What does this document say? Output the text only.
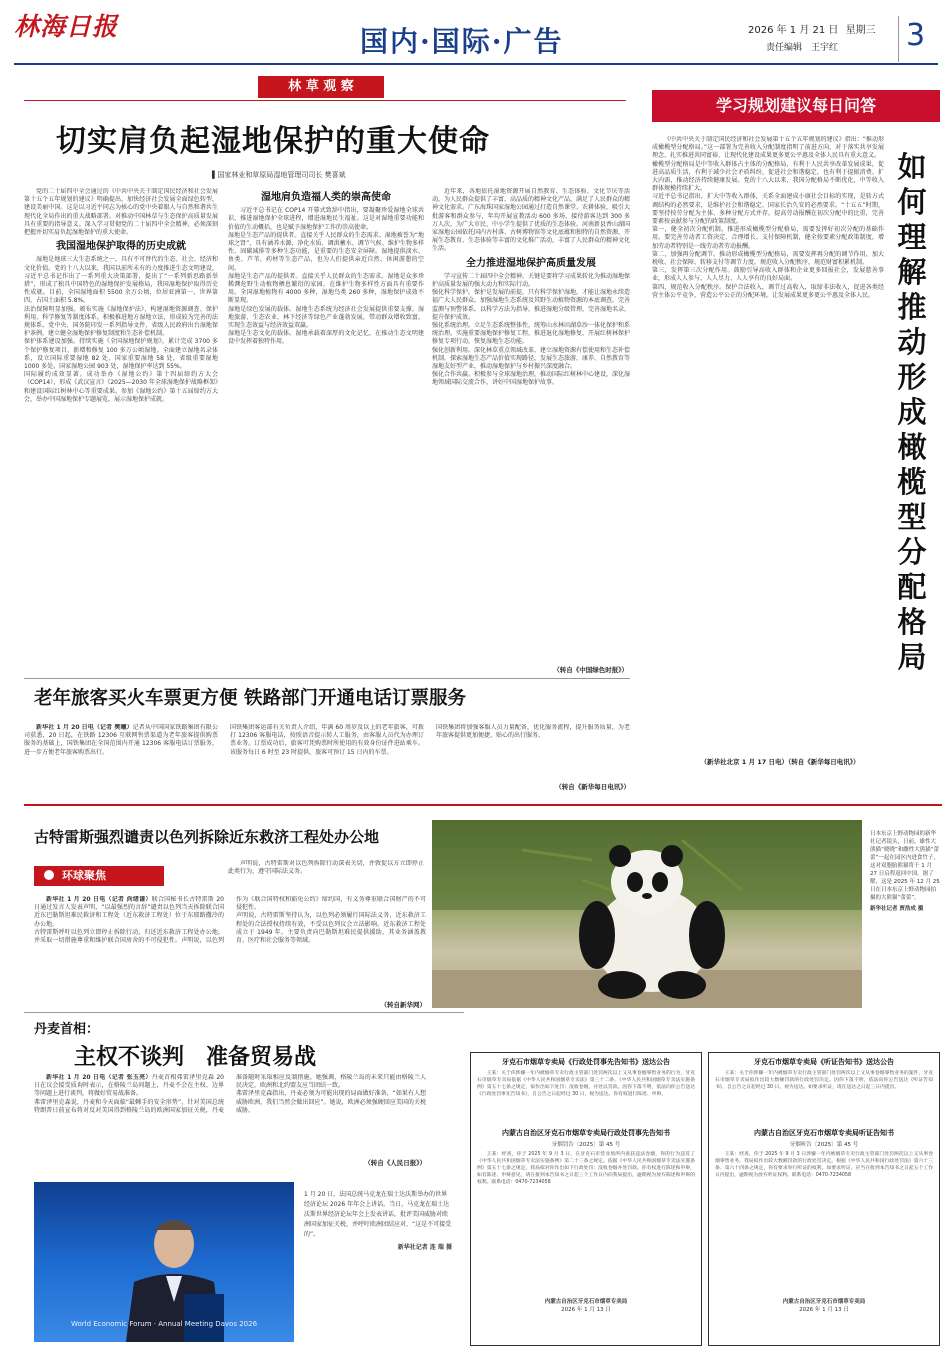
林海日报	国内·国际·广告	2026 年 1 月 21 日 星期三
责任编辑　王宇红 3
林 草 观 察
切实肩负起湿地保护的重大使命
▌国家林业和草原局湿地管理司司长 樊喜斌

党的二十届四中全会通过的《中共中央关于制定国民经济和社会发展第十五个五年规划的建议》明确提出，加快经济社会发展全面绿色转型，建设美丽中国。这是以习近平同志为核心的党中央着眼人与自然和谐共生现代化全局作出的重大战略部署。对推动中国林草与生态保护高质量发展具有重要的指导意义。深入学习贯彻党的二十届四中全会精神，必须深刻把握并切实肩负起湿地保护的重大使命。

我国湿地保护取得的历史成就

湿地是地球三大生态系统之一，具有不可替代的生态、社会、经济和文化价值。党的十八大以来，我国以前所未有的力度推进生态文明建设，习近平总书记作出了一系列重大决策部署，提出了“一系列新思路新举措”，形成了独具中国特色的湿地保护发展格局，我国湿地保护取得历史性成就。目前，全国湿地面积 5500 余万公顷，位居亚洲第一、世界第四，占国土面积 5.8%。
法治保障明显加强。颁布实施《湿地保护法》，构建湿地资源调查、保护利用、科学修复等制度体系。积极推进地方湿地立法，形成较为完善的法规体系。党中央、国务院印发一系列指导文件，省级人民政府出台湿地保护条例，建立健全湿地保护修复制度和生态补偿机制。
保护体系建设加强。持续实施《全国湿地保护规划》，累计完成 3700 多个保护修复项目，新增和修复 100 多万公顷湿地。全面建立湿地名录体系，设立国际重要湿地 82 处、国家重要湿地 58 处，省级重要湿地 1000 多处。国家湿地公园 903 处，湿地保护率达到 55%。
国际履约成效显著。成功举办《湿地公约》第十四届缔约方大会（COP14），形成《武汉宣言》《2025—2030 年全球湿地保护战略框架》和建设国际红树林中心等重要成果。参加《湿地公约》第十五届缔约方大会，举办中国湿地保护专题展览，展示湿地保护成就。

湿地肩负造福人类的崇高使命

习近平总书记在 COP14 开幕式致辞中指出，要凝聚珍爱湿地全球共识，推进湿地保护全球进程，增进湿地民生福祉。这是对湿地重要功能和价值的生动概括，也是赋予湿地保护工作的崇高使命。
湿地是生态产品的提供者。直接关乎人民群众的生态需求。湿地被誉为“地球之肾”，具有涵养水源、净化水质、调洪蓄水、调节气候、维护生物多样性、固碳减排等多种生态功能，是重要的生态安全屏障。湿地提供淡水、鱼类、芦苇、药材等生态产品，也为人们提供亲近自然、休闲游憩的空间。
湿地是生态产品的提供者。直接关乎人民群众的生态需求。湿地是众多珍稀濒危野生动植物栖息繁衍的家园，在维护生物多样性方面具有重要作用。全国湿地植物有 4000 多种，湿地鸟类 260 多种，湿地保护成效不断显现。
湿地是绿色发展的载体。湿地生态系统为经济社会发展提供重要支撑。湿地旅游、生态农业、林下经济等绿色产业蓬勃发展，带动群众增收致富，实现生态效益与经济效益双赢。
湿地是生态文化的载体。湿地承载着深厚的文化记忆，在推动生态文明建设中发挥着独特作用。

近年来，各地依托湿地资源开展自然教育、生态体验、文化节庆等活动，为人民群众提供了丰富、高品质的精神文化产品，满足了人民群众的精神文化需求。广东海珠国家湿地公园通过打造自然课堂、农耕体验，吸引大批游客和群众参与，年均开展宣教活动 600 多场，接待游客达到 300 多万人次，为广大市民、中小学生提供了优质的生态体验。河南新县香山湖国家湿地公园依托国内古村落、古树博物馆等文化底蕴和独特的自然资源，开展生态教育、生态体验等丰富的文化推广活动，丰富了人民群众的精神文化生活。

全力推进湿地保护高质量发展

学习宣传二十届四中全会精神，关键是要将学习成果转化为推动湿地保护高质量发展的强大动力和实际行动。
强化科学保护。保护是发展的前提，只有科学保护湿地，才能让湿地永续造福广大人民群众。加强湿地生态系统及其野生动植物资源的本底调查，完善监测与预警体系。以科学方法为指导，推进湿地分级管理，完善湿地名录，提升保护成效。
强化系统治理。立足生态系统整体性，统筹山水林田湖草沙一体化保护和系统治理。实施重要湿地保护修复工程，推进退化湿地修复，开展红树林保护修复专项行动，恢复湿地生态功能。
强化创新利用。深化林草重点领域改革，建立湿地资源有偿使用和生态补偿机制。探索湿地生态产品价值实现路径，发展生态旅游、康养、自然教育等湿地友好型产业，推动湿地保护与乡村振兴深度融合。
强化合作共赢。积极参与全球湿地治理，推动国际红树林中心建设，深化湿地领域国际交流合作，讲好中国湿地保护故事。

（转自《中国绿色时报》）
老年旅客买火车票更方便 铁路部门开通电话订票服务

新华社 1 月 20 日电（记者 樊曦）记者从中国国家铁路集团有限公司获悉，20 日起，在铁路 12306 互联网售票渠道为老年旅客提供购票服务的基础上，国铁集团在全国范围内开通 12306 客服电话订票服务，进一步方便老年旅客购票出行。
国铁集团客运部有关负责人介绍，年满 60 周岁及以上的老年旅客，可拨打 12306 客服电话，按照语音提示转人工服务，由客服人员代为办理订票业务。订票成功后，旅客可凭购票时所使用的有效身份证件进站乘车。该服务每日 6 时至 23 时提供，旅客可预订 15 日内的车票。
国铁集团将加强客服人员力量配备，优化服务流程，提升服务质量，为老年旅客提供更加便捷、贴心的出行服务。

（转自《新华每日电讯》）
学习规划建议每日问答

《中共中央关于制定国民经济和社会发展第十五个五年规划的建议》指出：“推动形成橄榄型分配格局。”这一部署为完善收入分配制度指明了前进方向，对于落实共享发展理念、扎实推进共同富裕、让现代化建设成果更多更公平惠及全体人民具有重大意义。
橄榄型分配格局是中等收入群体占主体的分配格局，有利于人民共享改革发展成果，促进高品质生活，有利于减少社会矛盾纠纷，促进社会和谐稳定，也有利于提振消费、扩大内需，推动经济持续健康发展。党的十八大以来，我国分配格局不断优化，中等收入群体规模持续扩大。
习近平总书记指出，扩大中等收入群体，关系全面建成小康社会目标的实现，是转方式调结构的必然要求，是维护社会和谐稳定、国家长治久安的必然要求。“十五五”时期，要坚持按劳分配为主体、多种分配方式并存，提高劳动报酬在初次分配中的比重，完善要素按贡献参与分配的政策制度。
第一，健全初次分配机制。推进形成橄榄型分配格局，需要发挥好初次分配的基础作用。要完善劳动者工资决定、合理增长、支付保障机制，健全按要素分配政策制度，增加劳动者特别是一线劳动者劳动报酬。
第二，加强再分配调节。推动形成橄榄型分配格局，需要发挥再分配的调节作用，加大税收、社会保障、转移支付等调节力度，规范收入分配秩序，规范财富积累机制。
第三，发挥第三次分配作用。鼓励引导高收入群体和企业更多回报社会，发展慈善事业，形成人人参与、人人尽力、人人享有的良好局面。
第四，规范收入分配秩序。保护合法收入，调节过高收入，取缔非法收入，促进各类经营主体公平竞争，营造公平公正的分配环境，让发展成果更多更公平惠及全体人民。

如何理解推动形成橄榄型分配格局
（新华社北京 1 月 17 日电）（转自《新华每日电讯》）
古特雷斯强烈谴责以色列拆除近东救济工程处办公地
环球聚焦

新华社 1 月 20 日电（记者 尚绪谦）联合国秘书长古特雷斯 20 日通过发言人发表声明，“以最强烈的言辞”谴责以色列当天拆除联合国近东巴勒斯坦难民救济和工程处（近东救济工程处）位于东耶路撒冷的办公地。
古特雷斯呼吁以色列立即停止拆除行动，归还近东救济工程处办公地，并采取一切措施尊重和维护联合国房舍的不可侵犯性。声明说，以色列作为《联合国特权和豁免公约》缔约国，有义务尊重联合国财产的不可侵犯性。
声明说，古特雷斯坚持认为，以色列必须履行国际法义务，近东救济工程处的合法授权持续有效，不受以色列议会立法影响。近东救济工程处成立于 1949 年，主要负责向巴勒斯坦难民提供援助，其业务涵盖教育、医疗和社会服务等领域。

声明说，古特雷斯对以色列拆除行动深表关切，并敦促以方立即停止此类行为，遵守国际法义务。

（转自新华网）
日本东京上野动物园的新华社记者镜头，日前，雄性大熊猫“晓晓”和雌性大熊猫“蕾蕾”一起在园区内进食竹子，这对双胞胎熊猫将于 1 月 27 日启程返回中国。据了解，这是 2025 年 12 月 25 日在日本东京上野动物园拍摄的大熊猫“蕾蕾”。
新华社记者 贾浩成 摄
丹麦首相：
主权不谈判　准备贸易战

新华社 1 月 20 日电（记者 张玉亮）丹麦首相弗雷泽里克森 20 日在议会接受质询时表示，在格陵兰岛问题上，丹麦不会在主权、边界等问题上进行谈判，将做好贸易战准备。
弗雷泽里克森说，丹麦和今天面临“最棘手的安全形势”，针对美国总统特朗普日前宣布将对反对美国得到格陵兰岛的欧洲国家加征关税，丹麦准备随时采取相应反制措施。她强调，格陵兰岛的未来只能由格陵兰人民决定，欧洲和北约盟友应当团结一致。
弗雷泽里克森指出，丹麦必须为可能出现的局面做好准备，“如果有人想威胁欧洲，我们当然会做出回应”。她说，欧洲必须强硬回应美国的关税威胁。

（转自《人民日报》）
World Economic Forum · Annual Meeting Davos 2026
1 月 20 日，法国总统马克龙在瑞士达沃斯举办的世界经济论坛 2026 年年会上讲话。当日，马克龙在瑞士达沃斯世界经济论坛年会上发表讲话，批评美国威胁对欧洲国家加征关税，并呼吁欧洲团结应对，“这是不可接受的”。
新华社记者 连 瑞 摄
牙克石市烟草专卖局《行政处罚事先告知书》送达公告
王某：关于你涉嫌一年内被烟草专卖行政主管部门处罚两次以上又从事卷烟零售业务的行为，牙克石市烟草专卖局依据《中华人民共和国烟草专卖法》第三十二条、《中华人民共和国烟草专卖法实施条例》第五十七条之规定，拟作出如下处罚：没收卷烟，并处以罚款。因你下落不明，依法向你公告送达《行政处罚事先告知书》，自公告之日起经过 30 日，视为送达。你有权进行陈述、申辩。
内蒙古自治区牙克石市烟草专卖局行政处罚事先告知书
牙烟罚告〔2025〕第 45 号
王某：经查，你于 2025 年 9 月 3 日，在牙克石市营业场所内查获违法卷烟，你的行为违反了《中华人民共和国烟草专卖法实施条例》第二十三条之规定。依据《中华人民共和国烟草专卖法实施条例》第五十七条之规定，我局拟对你作出如下行政处罚：没收卷烟并处罚款。你有权进行陈述和申辩，如有陈述、申辩意见，请在接到本告知书之日起三个工作日内向我局提出，逾期视为放弃陈述和申辩的权利。联系电话：0470-7234058
内蒙古自治区牙克石市烟草专卖局
2026 年 1 月 13 日
牙克石市烟草专卖局《听证告知书》送达公告
王某：关于你涉嫌一年内被烟草专卖行政主管部门处罚两次以上又从事卷烟零售业务的案件，牙克石市烟草专卖局拟作出较大数额罚款的行政处罚决定。因你下落不明，依法向你公告送达《听证告知书》，自公告之日起经过 30 日，视为送达。如要求听证，请在送达之日起三日内提出。
内蒙古自治区牙克石市烟草专卖局听证告知书
牙烟听告〔2025〕第 45 号
王某：经查，你于 2025 年 9 月 3 日涉嫌一年内被烟草专卖行政主管部门处罚两次以上又从事卷烟零售业务。我局拟作出较大数额罚款的行政处罚决定。根据《中华人民共和国行政处罚法》第六十三条、第六十四条之规定，你有要求举行听证的权利。如要求听证，应当在收到本告知书之日起五个工作日内提出，逾期视为放弃听证权利。联系电话：0470-7234058
内蒙古自治区牙克石市烟草专卖局
2026 年 1 月 13 日
